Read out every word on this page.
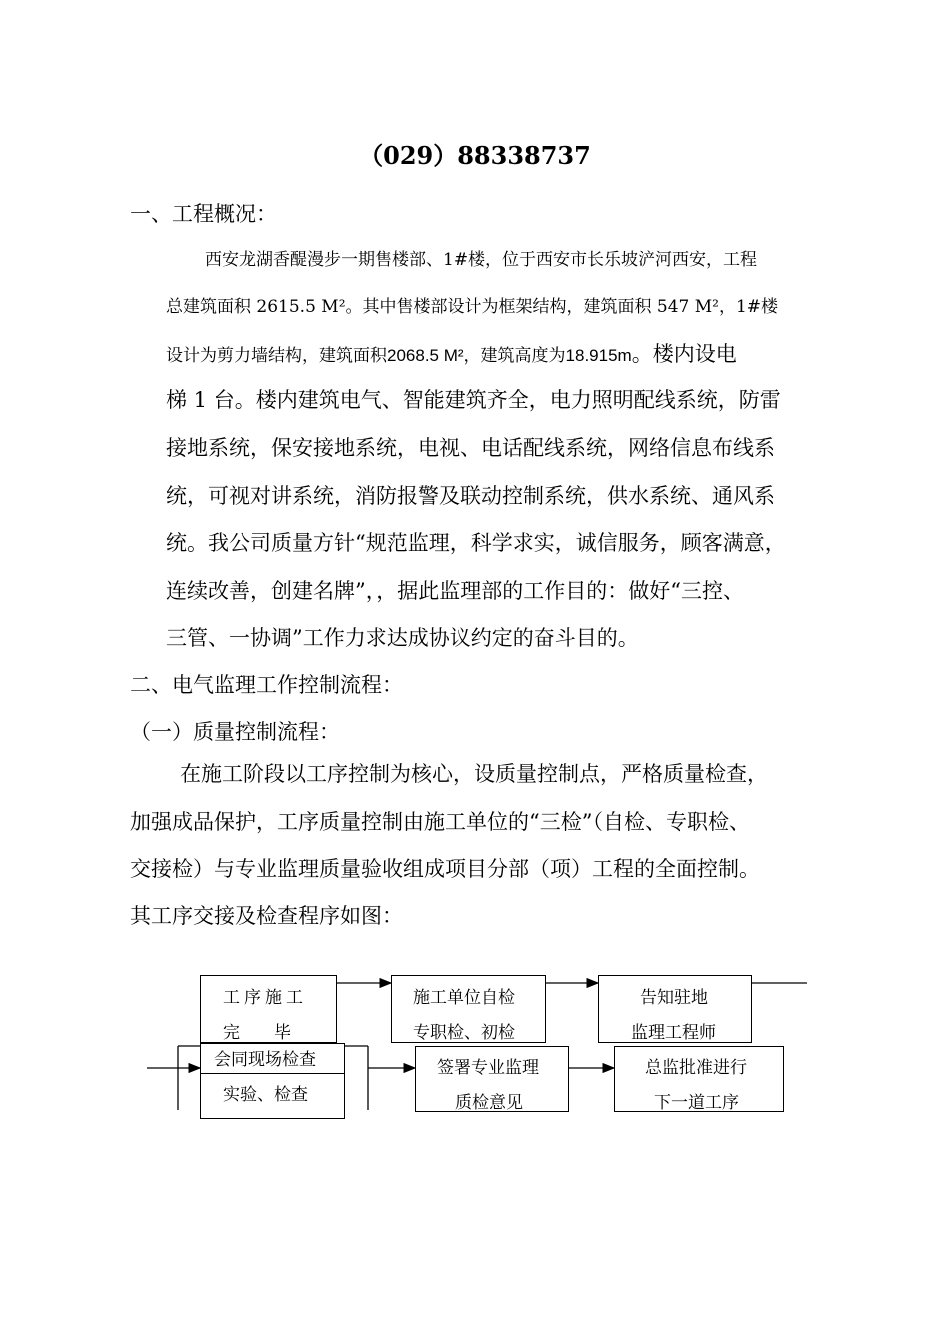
（029）88338737
一、工程概况：
西安龙湖香醍漫步一期售楼部、1#楼，位于西安市长乐坡浐河西安，工程
总建筑面积 2615.5 M²。其中售楼部设计为框架结构，建筑面积 547 M²，1#楼
设计为剪力墙结构，建筑面积2068.5 M²，建筑高度为18.915m。楼内设电
梯 1 台。楼内建筑电气、智能建筑齐全，电力照明配线系统，防雷
接地系统，保安接地系统，电视、电话配线系统，网络信息布线系
统，可视对讲系统，消防报警及联动控制系统，供水系统、通风系
统。我公司质量方针“规范监理，科学求实，诚信服务，顾客满意，
连续改善，创建名牌”，，据此监理部的工作目的：做好“三控、
三管、一协调”工作力求达成协议约定的奋斗目的。
二、电气监理工作控制流程：
（一）质量控制流程：
在施工阶段以工序控制为核心，设质量控制点，严格质量检查，
加强成品保护，工序质量控制由施工单位的“三检”（自检、专职检、
交接检）与专业监理质量验收组成项目分部（项）工程的全面控制。
其工序交接及检查程序如图：
工序施工
完　　毕
施工单位自检
专职检、初检
告知驻地
监理工程师
会同现场检查
实验、检查
签署专业监理
质检意见
总监批准进行
下一道工序
